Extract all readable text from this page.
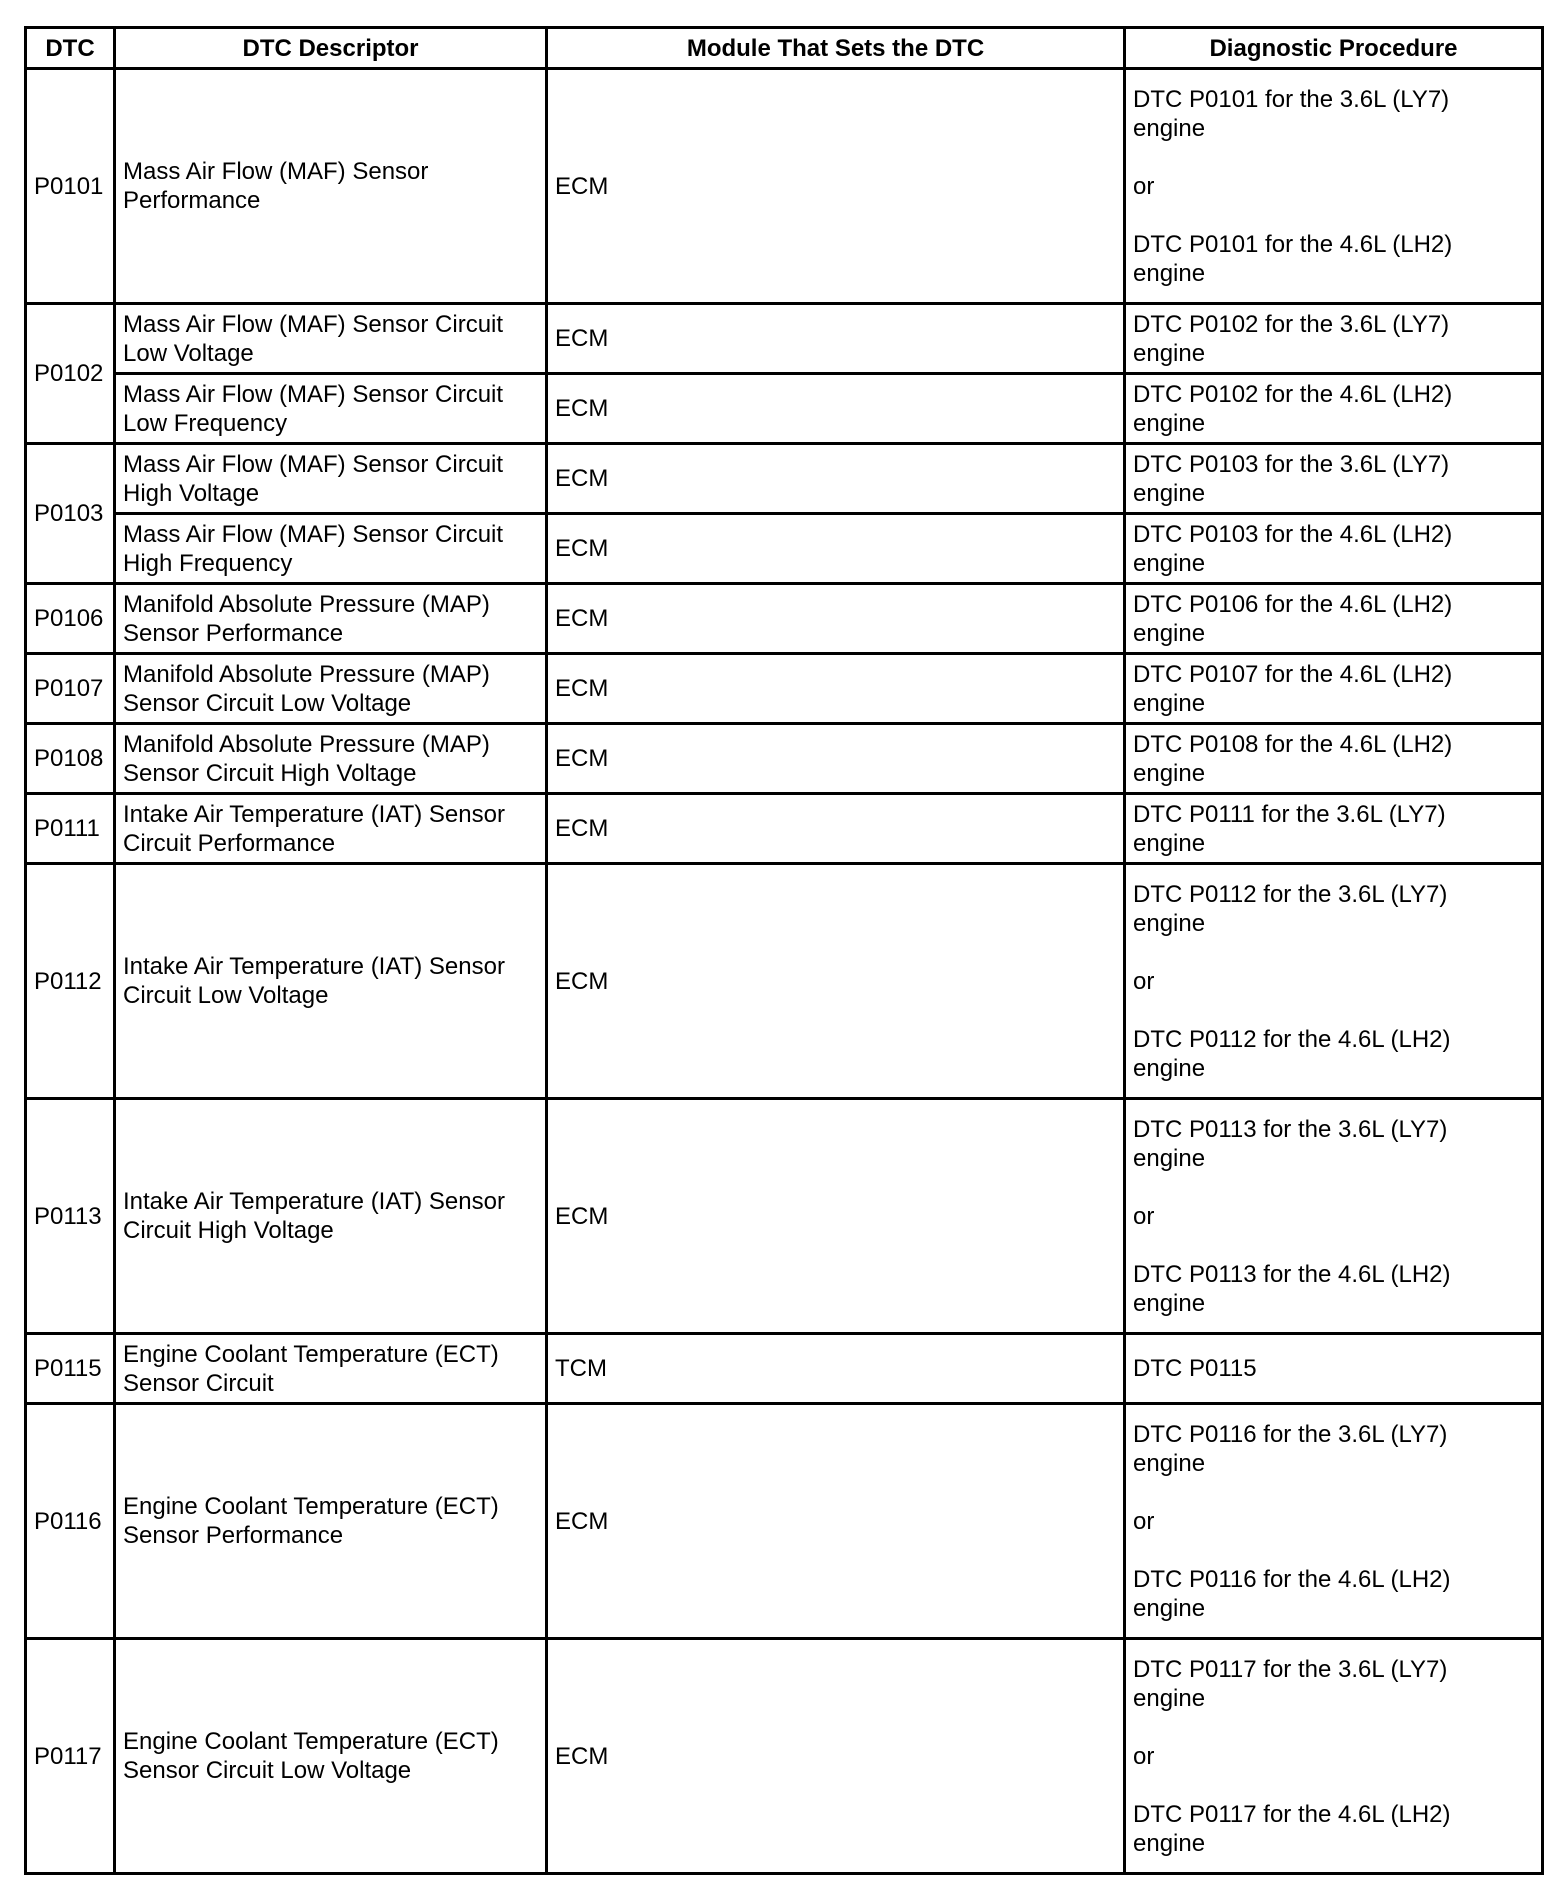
DTC	DTC Descriptor	Module That Sets the DTC	Diagnostic Procedure
P0101	Mass Air Flow (MAF) Sensor
Performance	ECM	DTC P0101 for the 3.6L (LY7)
engine

or

DTC P0101 for the 4.6L (LH2)
engine
P0102	Mass Air Flow (MAF) Sensor Circuit
Low Voltage	ECM	DTC P0102 for the 3.6L (LY7)
engine
	Mass Air Flow (MAF) Sensor Circuit
Low Frequency	ECM	DTC P0102 for the 4.6L (LH2)
engine
P0103	Mass Air Flow (MAF) Sensor Circuit
High Voltage	ECM	DTC P0103 for the 3.6L (LY7)
engine
	Mass Air Flow (MAF) Sensor Circuit
High Frequency	ECM	DTC P0103 for the 4.6L (LH2)
engine
P0106	Manifold Absolute Pressure (MAP)
Sensor Performance	ECM	DTC P0106 for the 4.6L (LH2)
engine
P0107	Manifold Absolute Pressure (MAP)
Sensor Circuit Low Voltage	ECM	DTC P0107 for the 4.6L (LH2)
engine
P0108	Manifold Absolute Pressure (MAP)
Sensor Circuit High Voltage	ECM	DTC P0108 for the 4.6L (LH2)
engine
P0111	Intake Air Temperature (IAT) Sensor
Circuit Performance	ECM	DTC P0111 for the 3.6L (LY7)
engine
P0112	Intake Air Temperature (IAT) Sensor
Circuit Low Voltage	ECM	DTC P0112 for the 3.6L (LY7)
engine

or

DTC P0112 for the 4.6L (LH2)
engine
P0113	Intake Air Temperature (IAT) Sensor
Circuit High Voltage	ECM	DTC P0113 for the 3.6L (LY7)
engine

or

DTC P0113 for the 4.6L (LH2)
engine
P0115	Engine Coolant Temperature (ECT)
Sensor Circuit	TCM	DTC P0115
P0116	Engine Coolant Temperature (ECT)
Sensor Performance	ECM	DTC P0116 for the 3.6L (LY7)
engine

or

DTC P0116 for the 4.6L (LH2)
engine
P0117	Engine Coolant Temperature (ECT)
Sensor Circuit Low Voltage	ECM	DTC P0117 for the 3.6L (LY7)
engine

or

DTC P0117 for the 4.6L (LH2)
engine
